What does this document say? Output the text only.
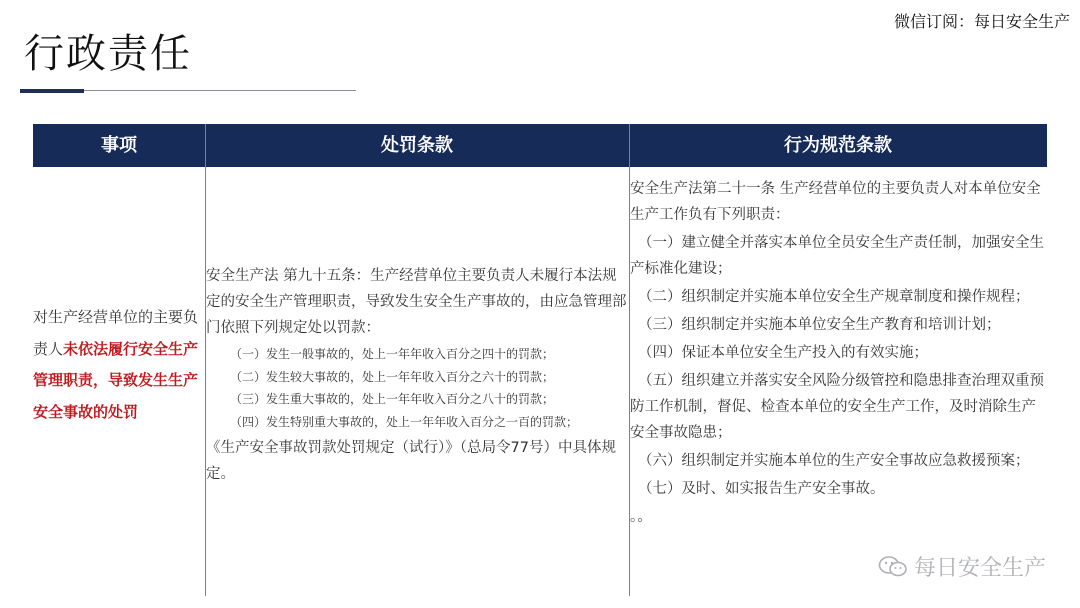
行政责任
微信订阅：每日安全生产
事项	处罚条款	行为规范条款
对生产经营单位的主要负责人未依法履行安全生产管理职责，导致发生生产安全事故的处罚
安全生产法 第九十五条：生产经营单位主要负责人未履行本法规定的安全生产管理职责，导致发生安全生产事故的，由应急管理部门依照下列规定处以罚款：
（一）发生一般事故的，处上一年年收入百分之四十的罚款；
（二）发生较大事故的，处上一年年收入百分之六十的罚款；
（三）发生重大事故的，处上一年年收入百分之八十的罚款；
（四）发生特别重大事故的，处上一年年收入百分之一百的罚款；
《生产安全事故罚款处罚规定（试行）》（总局令77号）中具体规定。
安全生产法第二十一条 生产经营单位的主要负责人对本单位安全生产工作负有下列职责：
（一）建立健全并落实本单位全员安全生产责任制，加强安全生产标准化建设；
（二）组织制定并实施本单位安全生产规章制度和操作规程；
（三）组织制定并实施本单位安全生产教育和培训计划；
（四）保证本单位安全生产投入的有效实施；
（五）组织建立并落实安全风险分级管控和隐患排查治理双重预防工作机制，督促、检查本单位的安全生产工作，及时消除生产安全事故隐患；
（六）组织制定并实施本单位的生产安全事故应急救援预案；
（七）及时、如实报告生产安全事故。
。。
每日安全生产
